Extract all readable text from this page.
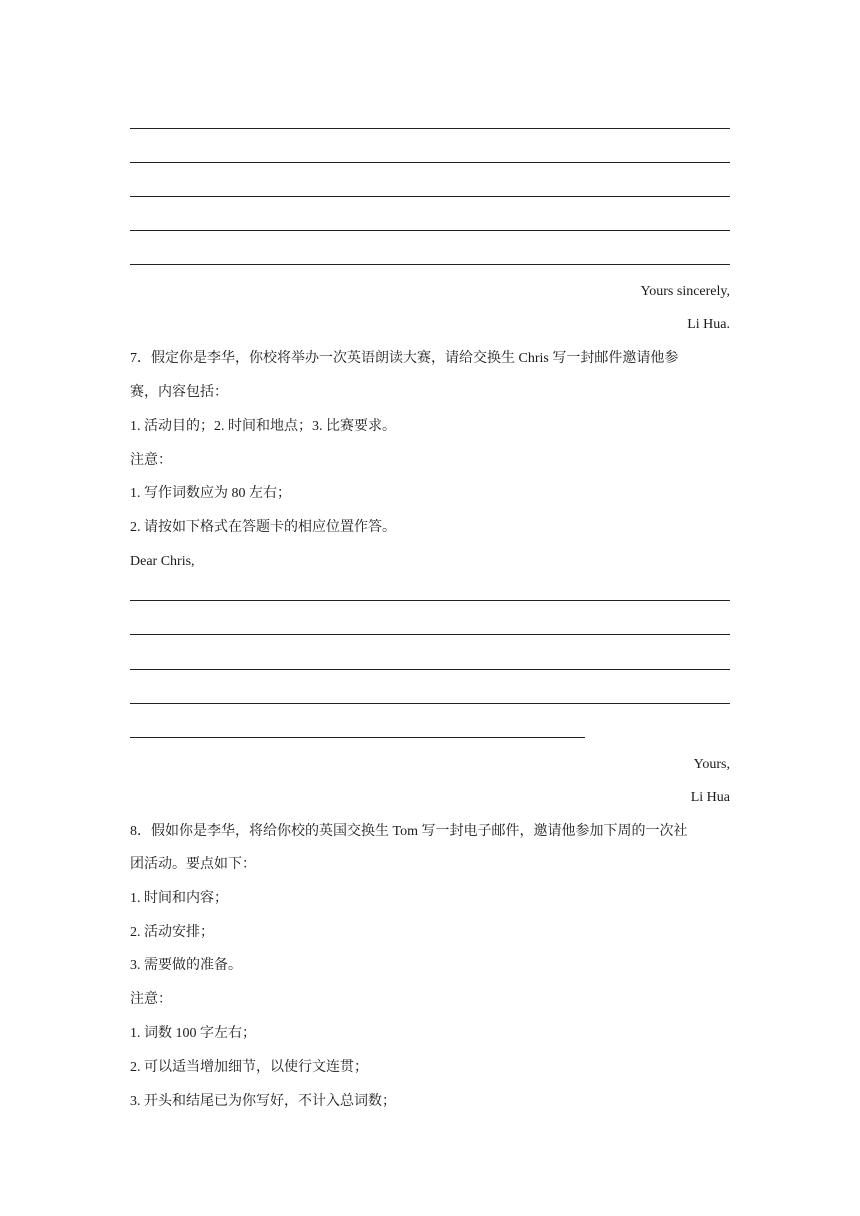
Yours sincerely,
Li Hua.
7．假定你是李华，你校将举办一次英语朗读大赛，请给交换生 Chris 写一封邮件邀请他参
赛，内容包括：
1. 活动目的；2. 时间和地点；3. 比赛要求。
注意：
1. 写作词数应为 80 左右；
2. 请按如下格式在答题卡的相应位置作答。
Dear Chris,
Yours,
Li Hua
8．假如你是李华，将给你校的英国交换生 Tom 写一封电子邮件，邀请他参加下周的一次社
团活动。要点如下：
1. 时间和内容；
2. 活动安排；
3. 需要做的准备。
注意：
1. 词数 100 字左右；
2. 可以适当增加细节，以使行文连贯；
3. 开头和结尾已为你写好，不计入总词数；
